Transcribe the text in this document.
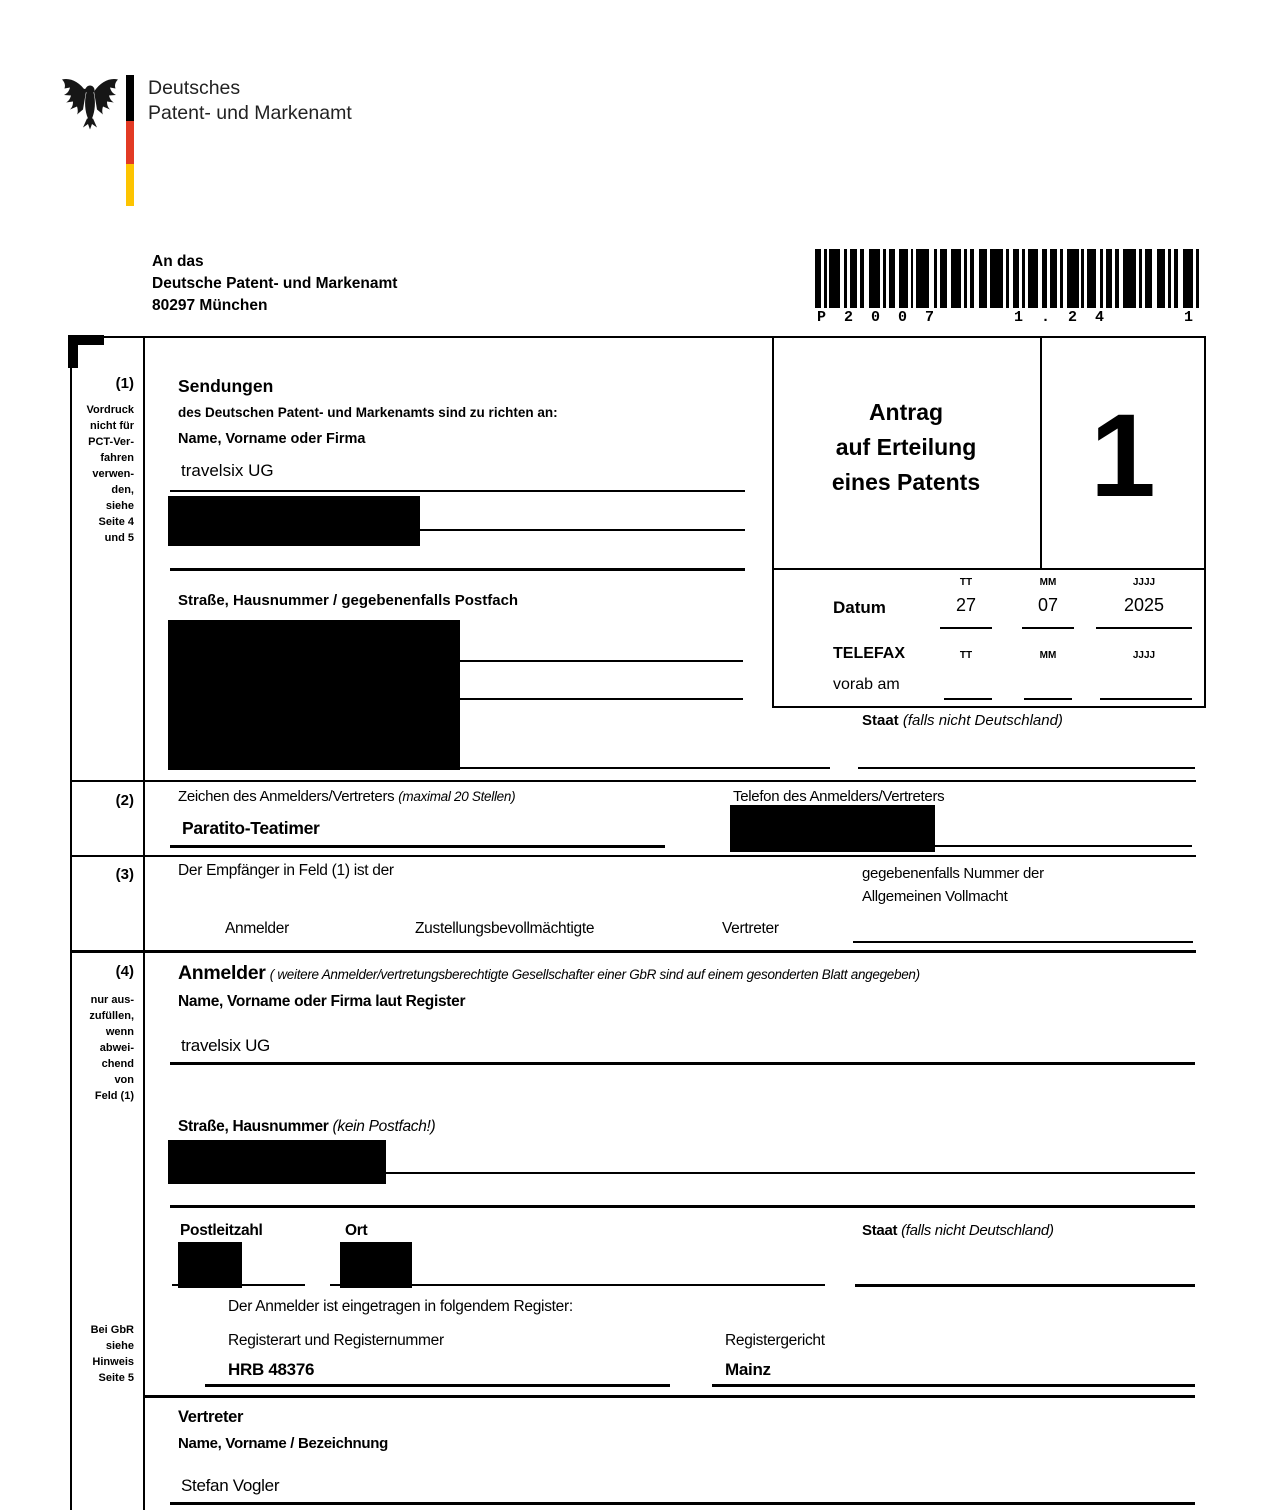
Deutsches
Patent- und Markenamt
An das
Deutsche Patent- und Markenamt
80297 München
P 2 0 0 7	1 . 2 4	1
Antrag
auf Erteilung
eines Patents 1
TT	MM	JJJJ
Datum	27	07	2025
TELEFAX	TT	MM	JJJJ
vorab am
Staat (falls nicht Deutschland)
(1)
Vordruck
nicht für
PCT-Ver-
fahren
verwen-
den,
siehe
Seite 4
und 5
Sendungen
des Deutschen Patent- und Markenamts sind zu richten an:
Name, Vorname oder Firma
travelsix UG
Straße, Hausnummer / gegebenenfalls Postfach
(2)	Zeichen des Anmelders/Vertreters (maximal 20 Stellen)
Paratito-Teatimer
Telefon des Anmelders/Vertreters
(3)	Der Empfänger in Feld (1) ist der	gegebenenfalls Nummer der
Allgemeinen Vollmacht
Anmelder	Zustellungsbevollmächtigte	Vertreter
(4)
nur aus-
zufüllen,
wenn
abwei-
chend
von
Feld (1)
Bei GbR
siehe
Hinweis
Seite 5
Anmelder ( weitere Anmelder/vertretungsberechtigte Gesellschafter einer GbR sind auf einem gesonderten Blatt angegeben)
Name, Vorname oder Firma laut Register
travelsix UG
Straße, Hausnummer (kein Postfach!)
Postleitzahl	Ort	Staat (falls nicht Deutschland)
Der Anmelder ist eingetragen in folgendem Register:
Registerart und Registernummer	Registergericht
HRB 48376	Mainz
Vertreter
Name, Vorname / Bezeichnung
Stefan Vogler
